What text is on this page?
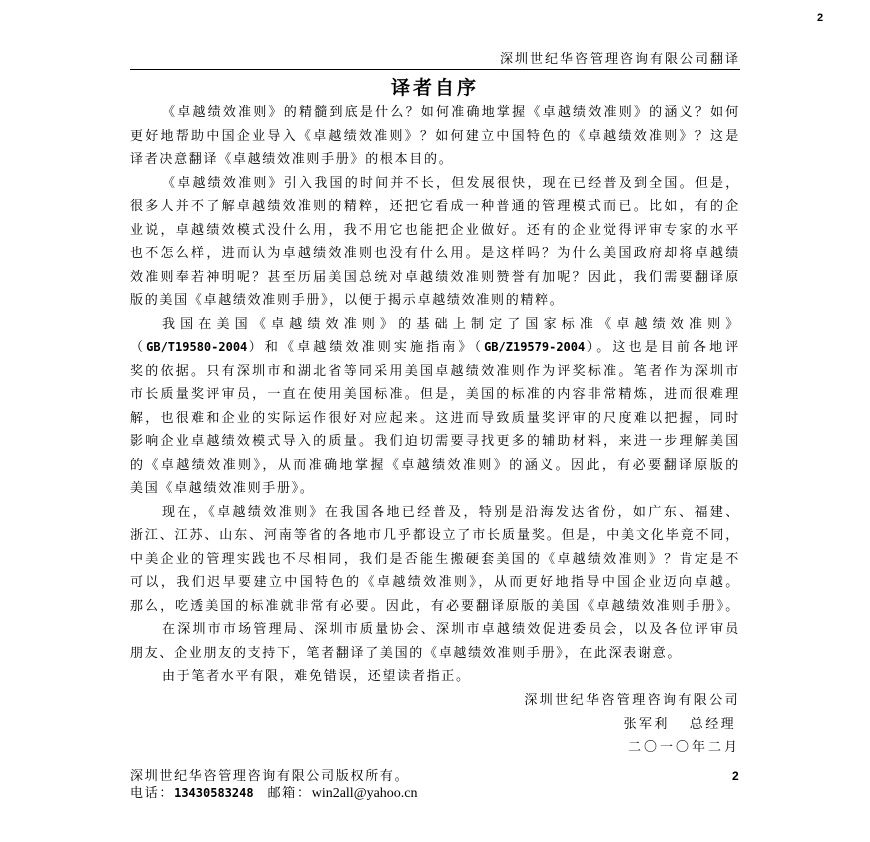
2
深圳世纪华咨管理咨询有限公司翻译
译者自序
《卓越绩效准则》的精髓到底是什么？如何准确地掌握《卓越绩效准则》的涵义？如何
更好地帮助中国企业导入《卓越绩效准则》？如何建立中国特色的《卓越绩效准则》？这是
译者决意翻译《卓越绩效准则手册》的根本目的。
《卓越绩效准则》引入我国的时间并不长，但发展很快，现在已经普及到全国。但是，
很多人并不了解卓越绩效准则的精粹，还把它看成一种普通的管理模式而已。比如，有的企
业说，卓越绩效模式没什么用，我不用它也能把企业做好。还有的企业觉得评审专家的水平
也不怎么样，进而认为卓越绩效准则也没有什么用。是这样吗？为什么美国政府却将卓越绩
效准则奉若神明呢？甚至历届美国总统对卓越绩效准则赞誉有加呢？因此，我们需要翻译原
版的美国《卓越绩效准则手册》，以便于揭示卓越绩效准则的精粹。
我国在美国《卓越绩效准则》的基础上制定了国家标准《卓越绩效准则》
（GB/T19580-2004）和《卓越绩效准则实施指南》（GB/Z19579-2004）。这也是目前各地评
奖的依据。只有深圳市和湖北省等同采用美国卓越绩效准则作为评奖标准。笔者作为深圳市
市长质量奖评审员，一直在使用美国标准。但是，美国的标准的内容非常精炼，进而很难理
解，也很难和企业的实际运作很好对应起来。这进而导致质量奖评审的尺度难以把握，同时
影响企业卓越绩效模式导入的质量。我们迫切需要寻找更多的辅助材料，来进一步理解美国
的《卓越绩效准则》，从而准确地掌握《卓越绩效准则》的涵义。因此，有必要翻译原版的
美国《卓越绩效准则手册》。
现在，《卓越绩效准则》在我国各地已经普及，特别是沿海发达省份，如广东、福建、
浙江、江苏、山东、河南等省的各地市几乎都设立了市长质量奖。但是，中美文化毕竟不同，
中美企业的管理实践也不尽相同，我们是否能生搬硬套美国的《卓越绩效准则》？肯定是不
可以，我们迟早要建立中国特色的《卓越绩效准则》，从而更好地指导中国企业迈向卓越。
那么，吃透美国的标准就非常有必要。因此，有必要翻译原版的美国《卓越绩效准则手册》。
在深圳市市场管理局、深圳市质量协会、深圳市卓越绩效促进委员会，以及各位评审员
朋友、企业朋友的支持下，笔者翻译了美国的《卓越绩效准则手册》，在此深表谢意。
由于笔者水平有限，难免错误，还望读者指正。
深圳世纪华咨管理咨询有限公司
张军利 总经理
二〇一〇年二月
深圳世纪华咨管理咨询有限公司版权所有。	2
电话：13430583248 邮箱：win2all@yahoo.cn
